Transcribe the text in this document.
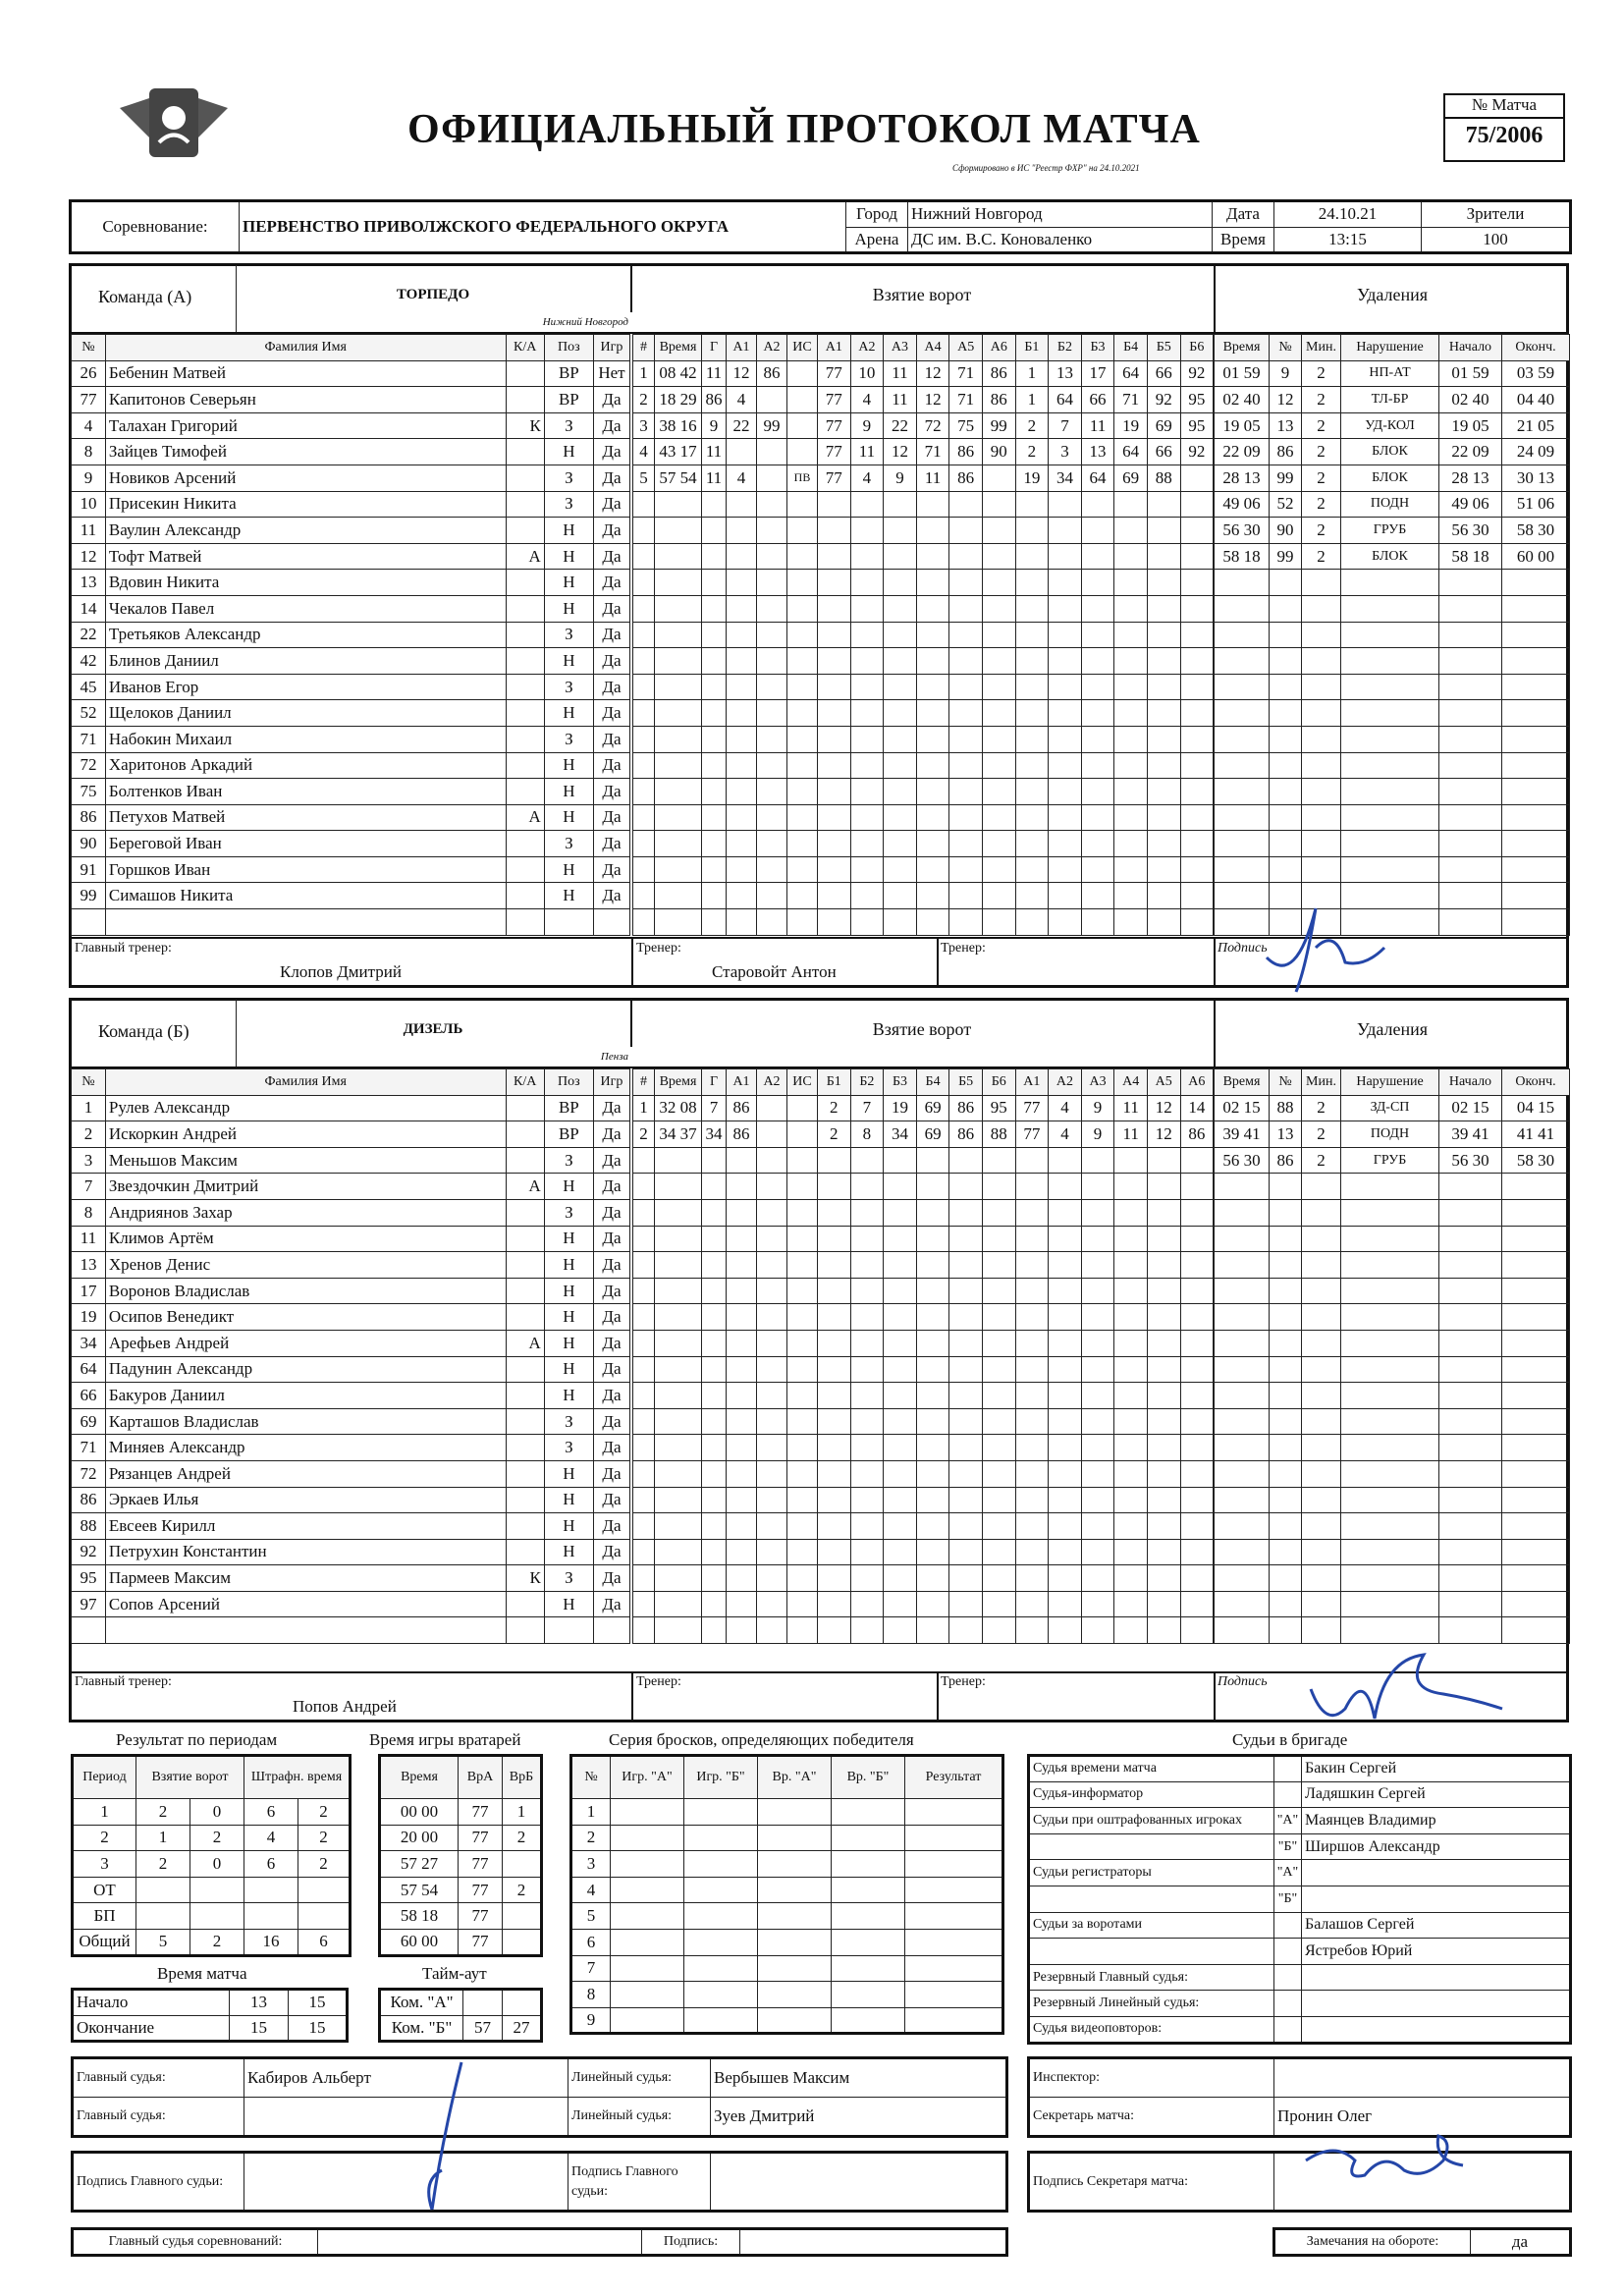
ОФИЦИАЛЬНЫЙ ПРОТОКОЛ МАТЧА
Сформировано в ИС "Реестр ФХР" на 24.10.2021
№ Матча
75/2006
Соревнование:	ПЕРВЕНСТВО ПРИВОЛЖСКОГО ФЕДЕРАЛЬНОГО ОКРУГА	Город	Нижний Новгород	Дата	24.10.21	Зрители
		Арена	ДС им. В.С. Коноваленко	Время	13:15	100
Команда (А)	ТОРПЕДО
Нижний Новгород
Взятие ворот	Удаления
№	Фамилия Имя	К/А	Поз	Игр
26	Бебенин Матвей		ВР	Нет
77	Капитонов Северьян		ВР	Да
4	Талахан Григорий	К	З	Да
8	Зайцев Тимофей		Н	Да
9	Новиков Арсений		З	Да
10	Присекин Никита		З	Да
11	Ваулин Александр		Н	Да
12	Тофт Матвей	А	Н	Да
13	Вдовин Никита		Н	Да
14	Чекалов Павел		Н	Да
22	Третьяков Александр		З	Да
42	Блинов Даниил		Н	Да
45	Иванов Егор		З	Да
52	Щелоков Даниил		Н	Да
71	Набокин Михаил		З	Да
72	Харитонов Аркадий		Н	Да
75	Болтенков Иван		Н	Да
86	Петухов Матвей	А	Н	Да
90	Береговой Иван		З	Да
91	Горшков Иван		Н	Да
99	Симашов Никита		Н	Да

#	Время	Г	А1	А2	ИС	А1	А2	А3	А4	А5	А6	Б1	Б2	Б3	Б4	Б5	Б6
1	08 42	11	12	86		77	10	11	12	71	86	1	13	17	64	66	92
2	18 29	86	4			77	4	11	12	71	86	1	64	66	71	92	95
3	38 16	9	22	99		77	9	22	72	75	99	2	7	11	19	69	95
4	43 17	11				77	11	12	71	86	90	2	3	13	64	66	92
5	57 54	11	4		ПВ	77	4	9	11	86		19	34	64	69	88	

Время	№	Мин.	Нарушение	Начало	Оконч.
01 59	9	2	НП-АТ	01 59	03 59
02 40	12	2	ТЛ-БР	02 40	04 40
19 05	13	2	УД-КОЛ	19 05	21 05
22 09	86	2	БЛОК	22 09	24 09
28 13	99	2	БЛОК	28 13	30 13
49 06	52	2	ПОДН	49 06	51 06
56 30	90	2	ГРУБ	56 30	58 30
58 18	99	2	БЛОК	58 18	60 00

Команда (Б)	ДИЗЕЛЬ
Пенза
Взятие ворот	Удаления
№	Фамилия Имя	К/А	Поз	Игр
1	Рулев Александр		ВР	Да
2	Искоркин Андрей		ВР	Да
3	Меньшов Максим		З	Да
7	Звездочкин Дмитрий	А	Н	Да
8	Андриянов Захар		З	Да
11	Климов Артём		Н	Да
13	Хренов Денис		Н	Да
17	Воронов Владислав		Н	Да
19	Осипов Венедикт		Н	Да
34	Арефьев Андрей	А	Н	Да
64	Падунин Александр		Н	Да
66	Бакуров Даниил		Н	Да
69	Карташов Владислав		З	Да
71	Миняев Александр		З	Да
72	Рязанцев Андрей		Н	Да
86	Эркаев Илья		Н	Да
88	Евсеев Кирилл		Н	Да
92	Петрухин Константин		Н	Да
95	Пармеев Максим	К	З	Да
97	Сопов Арсений		Н	Да

#	Время	Г	А1	А2	ИС	Б1	Б2	Б3	Б4	Б5	Б6	А1	А2	А3	А4	А5	А6
1	32 08	7	86			2	7	19	69	86	95	77	4	9	11	12	14
2	34 37	34	86			2	8	34	69	86	88	77	4	9	11	12	86

Время	№	Мин.	Нарушение	Начало	Оконч.
02 15	88	2	ЗД-СП	02 15	04 15
39 41	13	2	ПОДН	39 41	41 41
56 30	86	2	ГРУБ	56 30	58 30

Главный тренер:
Клопов Дмитрий
Тренер:
Старовойт Антон
Тренер:	Подпись
Главный тренер:
Попов Андрей
Тренер:	Тренер:	Подпись
Результат по периодам
Период	Взятие ворот		Штрафн. время	
1	2	0	6	2
2	1	2	4	2
3	2	0	6	2
ОТ				
БП				
Общий	5	2	16	6
Время игры вратарей
Время	ВрА	ВрБ
00 00	77	1
20 00	77	2
57 27	77	
57 54	77	2
58 18	77	
60 00	77	
Серия бросков, определяющих победителя
№	Игр. "А"	Игр. "Б"	Вр. "А"	Вр. "Б"	Результат
1					
2					
3					
4					
5					
6					
7					
8					
9					
Время матча
Начало	13	15
Окончание	15	15
Тайм-аут
Ком. "А"		
Ком. "Б"	57	27
Судьи в бригаде
Судья времени матча		Бакин Сергей
Судья-информатор		Ладяшкин Сергей
Судьи при оштрафованных игроках	"А"	Маянцев Владимир
	"Б"	Ширшов Александр
Судьи регистраторы	"А"	
	"Б"	
Судьи за воротами		Балашов Сергей
		Ястребов Юрий
Резервный Главный судья:		
Резервный Линейный судья:		
Судья видеоповторов:		
Главный судья:	Кабиров Альберт	Линейный судья:	Вербышев Максим
Главный судья:		Линейный судья:	Зуев Дмитрий
Инспектор:	
Секретарь матча:	Пронин Олег
Подпись Главного судьи:		Подпись Главного судьи:	
Подпись Секретаря матча:	
Главный судья соревнований:		Подпись:		Замечания на обороте:	да
